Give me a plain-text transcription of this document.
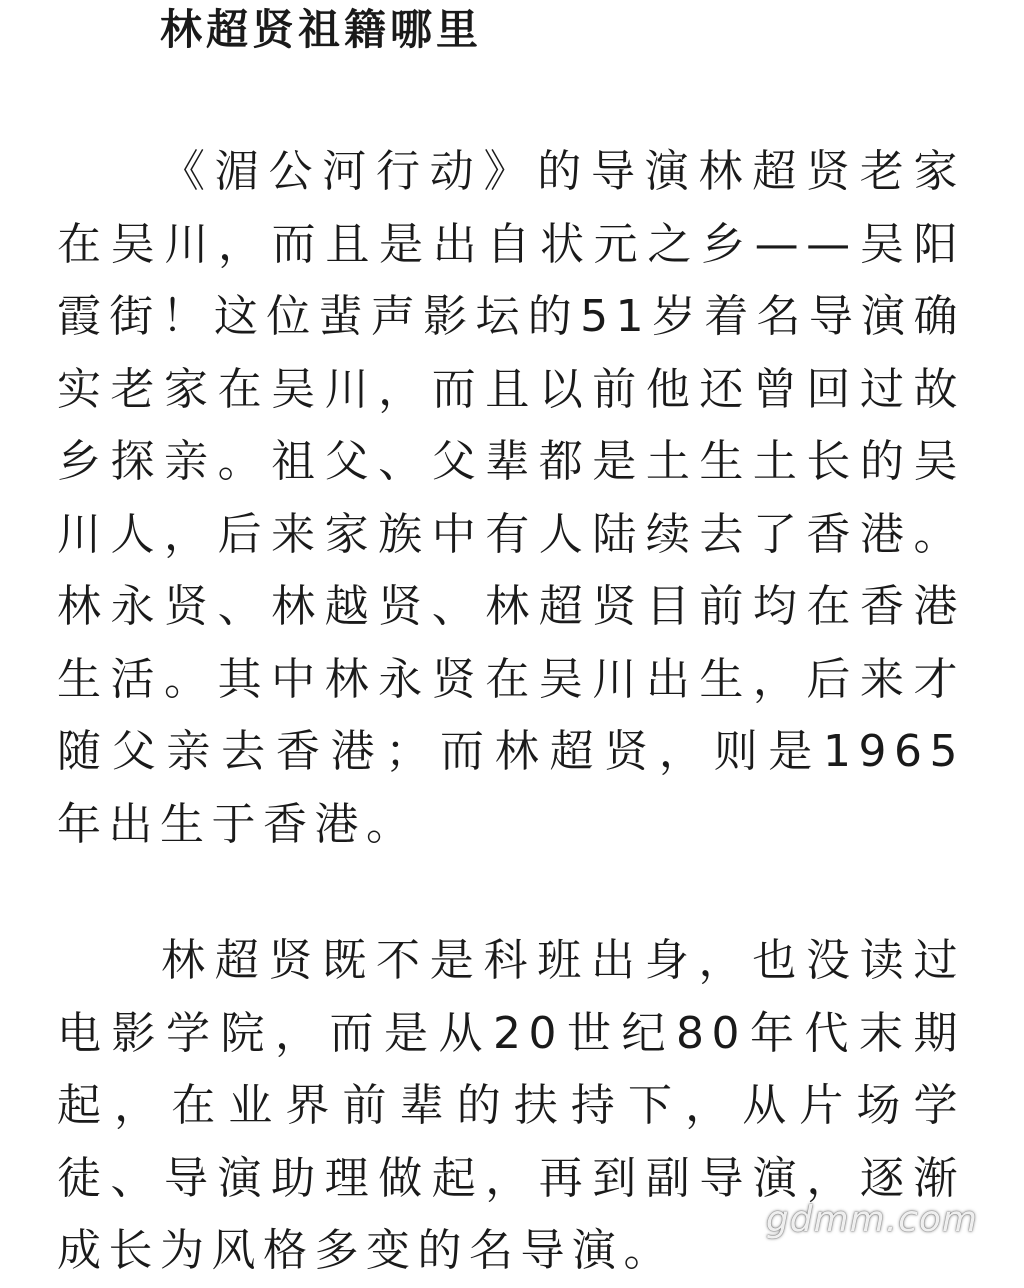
林超贤祖籍哪里

《湄公河行动》的导演林超贤老家在吴川，而且是出自状元之乡——吴阳霞街！这位蜚声影坛的51岁着名导演确实老家在吴川，而且以前他还曾回过故乡探亲。祖父、父辈都是土生土长的吴川人，后来家族中有人陆续去了香港。林永贤、林越贤、林超贤目前均在香港生活。其中林永贤在吴川出生，后来才随父亲去香港；而林超贤，则是1965年出生于香港。

林超贤既不是科班出身，也没读过电影学院，而是从20世纪80年代末期起，在业界前辈的扶持下，从片场学徒、导演助理做起，再到副导演，逐渐成长为风格多变的名导演。

gdmm.com
